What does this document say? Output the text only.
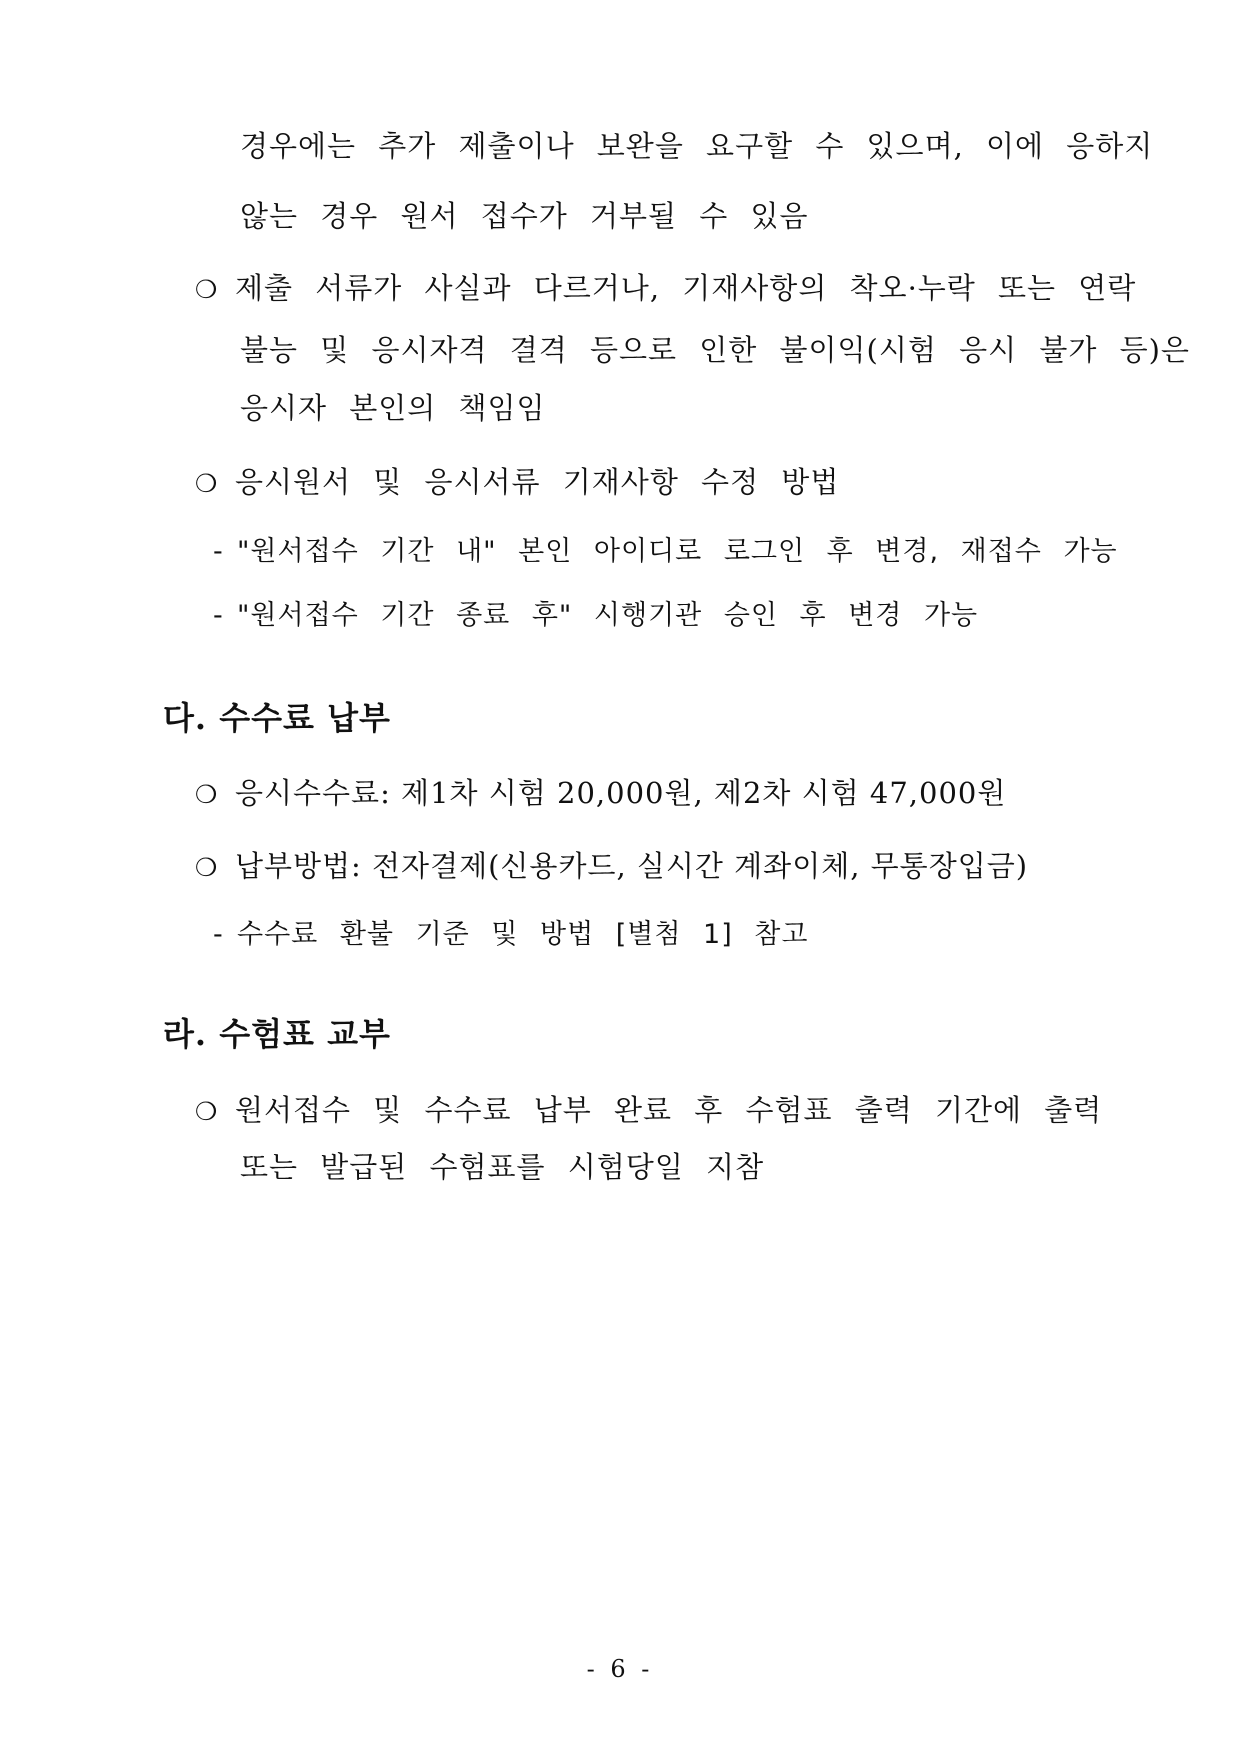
경우에는 추가 제출이나 보완을 요구할 수 있으며, 이에 응하지
않는 경우 원서 접수가 거부될 수 있음
❍ 제출 서류가 사실과 다르거나, 기재사항의 착오·누락 또는 연락
불능 및 응시자격 결격 등으로 인한 불이익(시험 응시 불가 등)은
응시자 본인의 책임임
❍ 응시원서 및 응시서류 기재사항 수정 방법
- "원서접수 기간 내" 본인 아이디로 로그인 후 변경, 재접수 가능
- "원서접수 기간 종료 후" 시행기관 승인 후 변경 가능
다. 수수료 납부
❍ 응시수수료: 제1차 시험 20,000원, 제2차 시험 47,000원
❍ 납부방법: 전자결제(신용카드, 실시간 계좌이체, 무통장입금)
- 수수료 환불 기준 및 방법 [별첨 1] 참고
라. 수험표 교부
❍ 원서접수 및 수수료 납부 완료 후 수험표 출력 기간에 출력
또는 발급된 수험표를 시험당일 지참
- 6 -
